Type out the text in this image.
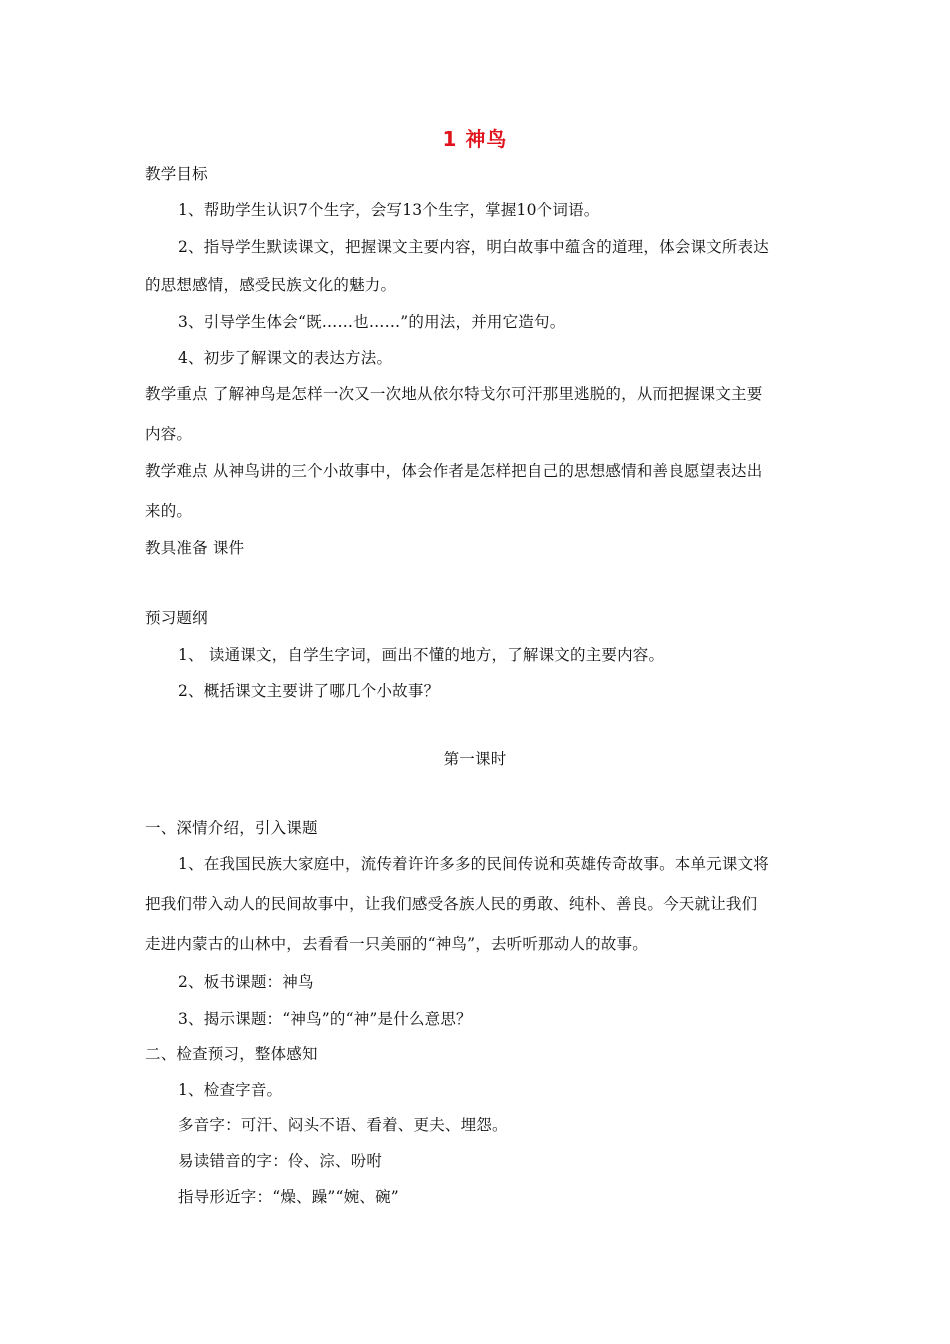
1 神鸟
教学目标
1、帮助学生认识7个生字，会写13个生字，掌握10个词语。
2、指导学生默读课文，把握课文主要内容，明白故事中蕴含的道理，体会课文所表达
的思想感情，感受民族文化的魅力。
3、引导学生体会“既……也……”的用法，并用它造句。
4、初步了解课文的表达方法。
教学重点 了解神鸟是怎样一次又一次地从依尔特戈尔可汗那里逃脱的，从而把握课文主要
内容。
教学难点 从神鸟讲的三个小故事中，体会作者是怎样把自己的思想感情和善良愿望表达出
来的。
教具准备 课件
预习题纲
1、 读通课文，自学生字词，画出不懂的地方，了解课文的主要内容。
2、概括课文主要讲了哪几个小故事？
第一课时
一、深情介绍，引入课题
1、在我国民族大家庭中，流传着许许多多的民间传说和英雄传奇故事。本单元课文将
把我们带入动人的民间故事中，让我们感受各族人民的勇敢、纯朴、善良。今天就让我们
走进内蒙古的山林中，去看看一只美丽的“神鸟”，去听听那动人的故事。
2、板书课题：神鸟
3、揭示课题：“神鸟”的“神”是什么意思？
二、检查预习，整体感知
1、检查字音。
多音字：可汗、闷头不语、看着、更夫、埋怨。
易读错音的字：伶、淙、吩咐
指导形近字：“燥、躁”“婉、碗”
